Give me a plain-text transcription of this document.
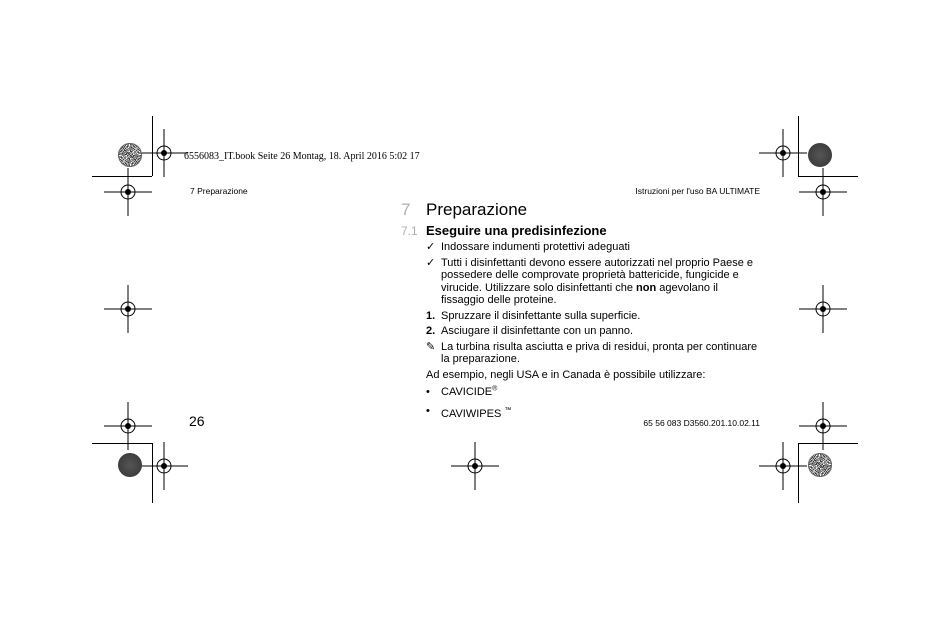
6556083_IT.book Seite 26 Montag, 18. April 2016 5:02 17
7 Preparazione	Istruzioni per l'uso BA ULTIMATE
7 Preparazione
7.1 Eseguire una predisinfezione
✓ Indossare indumenti protettivi adeguati
✓ Tutti i disinfettanti devono essere autorizzati nel proprio Paese e possedere delle comprovate proprietà battericide, fungicide e virucide. Utilizzare solo disinfettanti che non agevolano il fissaggio delle proteine.
1. Spruzzare il disinfettante sulla superficie.
2. Asciugare il disinfettante con un panno.
✎ La turbina risulta asciutta e priva di residui, pronta per continuare la preparazione.
Ad esempio, negli USA e in Canada è possibile utilizzare:
•	CAVICIDE®
•	CAVIWIPES ™
26	65 56 083 D3560.201.10.02.11
